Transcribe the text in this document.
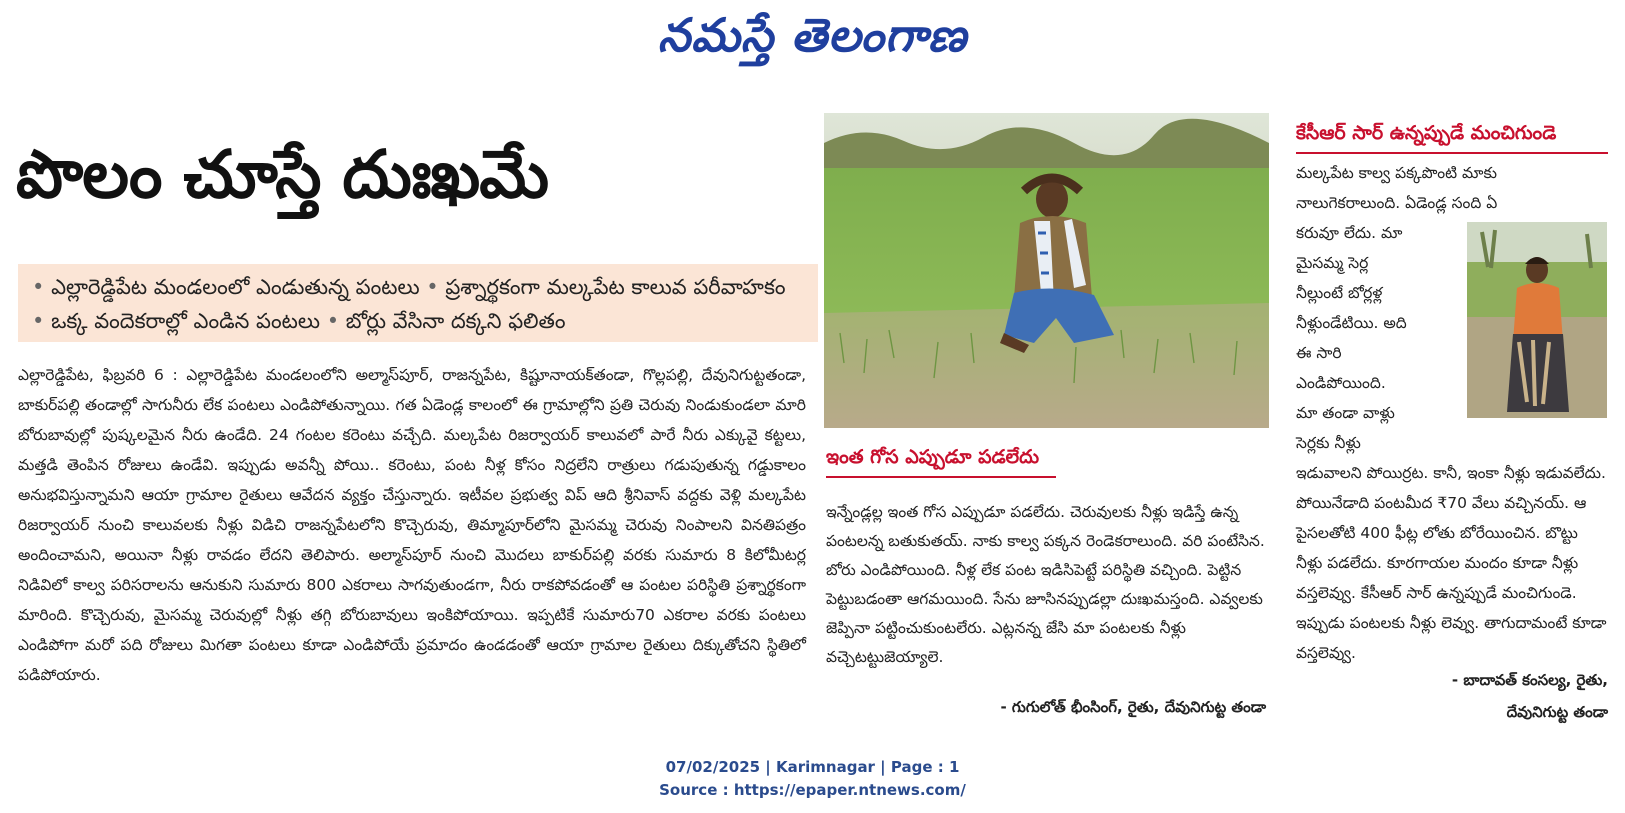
నమస్తే తెలంగాణ
పొలం చూస్తే దుఃఖమే
• ఎల్లారెడ్డిపేట మండలంలో ఎండుతున్న పంటలు • ప్రశ్నార్థకంగా మల్కపేట కాలువ పరీవాహకం • ఒక్క వందెకరాల్లో ఎండిన పంటలు • బోర్లు వేసినా దక్కని ఫలితం
ఎల్లారెడ్డిపేట, ఫిబ్రవరి 6 : ఎల్లారెడ్డిపేట మండలంలోని అల్మాస్‌పూర్, రాజన్నపేట, కిష్టూనాయక్‌తండా, గొల్లపల్లి, దేవునిగుట్టతండా, బాకుర్‌పల్లి తండాల్లో సాగునీరు లేక పంటలు ఎండిపోతున్నాయి. గత ఏడెండ్ల కాలంలో ఈ గ్రామాల్లోని ప్రతి చెరువు నిండుకుండలా మారి బోరుబావుల్లో పుష్కలమైన నీరు ఉండేది. 24 గంటల కరెంటు వచ్చేది. మల్కపేట రిజర్వాయర్ కాలువలో పారే నీరు ఎక్కువై కట్టలు, మత్తడి తెంపిన రోజులు ఉండేవి. ఇప్పుడు అవన్నీ పోయి.. కరెంటు, పంట నీళ్ల కోసం నిద్రలేని రాత్రులు గడుపుతున్న గడ్డుకాలం అనుభవిస్తున్నామని ఆయా గ్రామాల రైతులు ఆవేదన వ్యక్తం చేస్తున్నారు. ఇటీవల ప్రభుత్వ విప్ ఆది శ్రీనివాస్ వద్దకు వెళ్లి మల్కపేట రిజర్వాయర్ నుంచి కాలువలకు నీళ్లు విడిచి రాజన్నపేటలోని కొచ్చెరువు, తిమ్మాపూర్‌లోని మైసమ్మ చెరువు నింపాలని వినతిపత్రం అందించామని, అయినా నీళ్లు రావడం లేదని తెలిపారు. అల్మాస్‌పూర్ నుంచి మొదలు బాకుర్‌పల్లి వరకు సుమారు 8 కిలోమీటర్ల నిడివిలో కాల్వ పరిసరాలను ఆనుకుని సుమారు 800 ఎకరాలు సాగవుతుండగా, నీరు రాకపోవడంతో ఆ పంటల పరిస్థితి ప్రశ్నార్థకంగా మారింది. కొచ్చెరువు, మైసమ్మ చెరువుల్లో నీళ్లు తగ్గి బోరుబావులు ఇంకిపోయాయి. ఇప్పటికే సుమారు70 ఎకరాల వరకు పంటలు ఎండిపోగా మరో పది రోజులు మిగతా పంటలు కూడా ఎండిపోయే ప్రమాదం ఉండడంతో ఆయా గ్రామాల రైతులు దిక్కుతోచని స్థితిలో పడిపోయారు.
ఇంత గోస ఎప్పుడూ పడలేదు
ఇన్నేండ్లల్ల ఇంత గోస ఎప్పుడూ పడలేదు. చెరువులకు నీళ్లు ఇడిస్తే ఉన్న పంటలన్న బతుకుతయ్. నాకు కాల్వ పక్కన రెండెకరాలుంది. వరి పంటేసిన. బోరు ఎండిపోయింది. నీళ్ల లేక పంట ఇడిసిపెట్టే పరిస్థితి వచ్చింది. పెట్టిన పెట్టుబడంతా ఆగమయింది. సేను జూసినప్పుడల్లా దుఃఖమస్తంది. ఎవ్వలకు జెప్పినా పట్టించుకుంటలేరు. ఎట్లనన్న జేసి మా పంటలకు నీళ్లు వచ్చెటట్టుజెయ్యాలె.
- గుగులోత్ భీంసింగ్, రైతు, దేవునిగుట్ట తండా
కేసీఆర్ సార్ ఉన్నప్పుడే మంచిగుండె
మల్కపేట కాల్వ పక్కపొంటి మాకు
నాలుగెకరాలుంది. ఏడెండ్ల సంది ఏ
కరువూ లేదు. మా
మైసమ్మ సెర్ల
నీల్లుంటే బోర్లళ్ల
నీళ్లుండేటియి. అది
ఈ సారి
ఎండిపోయింది.
మా తండా వాళ్లు
సెర్లకు నీళ్లు
ఇడువాలని పోయిర్రట. కానీ, ఇంకా నీళ్లు ఇడువలేదు. పోయినేడాది పంటమీద ₹70 వేలు వచ్చినయ్. ఆ పైసలతోటి 400 ఫీట్ల లోతు బోరేయించిన. బొట్టు నీళ్లు పడలేదు. కూరగాయల మందం కూడా నీళ్లు వస్తలెవ్వు. కేసీఆర్ సార్ ఉన్నప్పుడే మంచిగుండె. ఇప్పుడు పంటలకు నీళ్లు లెవ్వు. తాగుదామంటే కూడా వస్తలెవ్వు.
- బాదావత్ కంసల్య, రైతు,
దేవునిగుట్ట తండా
07/02/2025 | Karimnagar | Page : 1
Source : https://epaper.ntnews.com/
